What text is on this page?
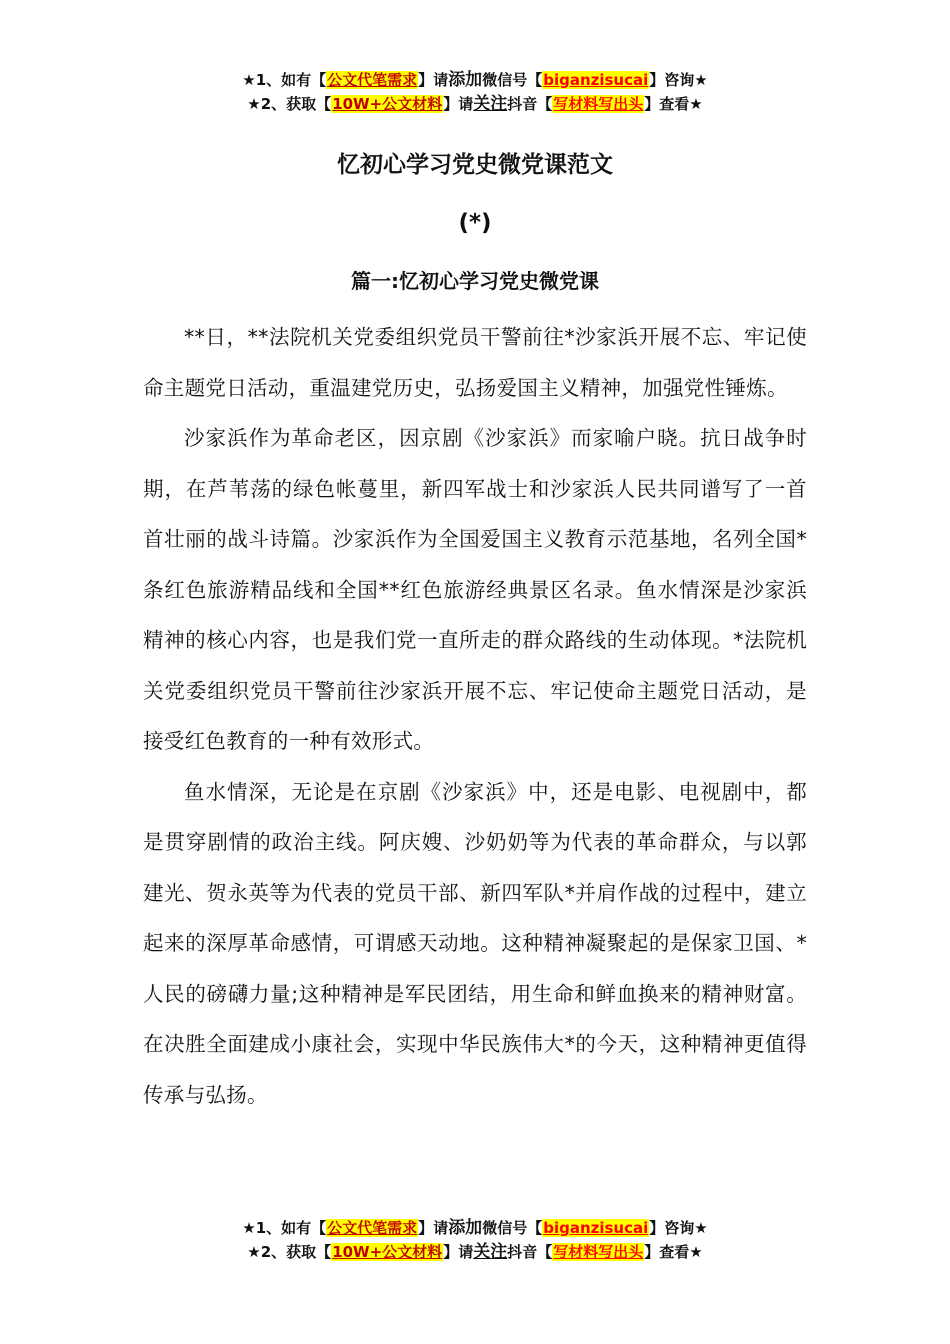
★1、如有【公文代笔需求】请添加微信号【biganzisucai】咨询★
★2、获取【10W+公文材料】请关注抖音【写材料写出头】查看★
忆初心学习党史微党课范文
(*)
篇一:忆初心学习党史微党课

**日，**法院机关党委组织党员干警前往*沙家浜开展不忘、牢记使命主题党日活动，重温建党历史，弘扬爱国主义精神，加强党性锤炼。

沙家浜作为革命老区，因京剧《沙家浜》而家喻户晓。抗日战争时期，在芦苇荡的绿色帐蔓里，新四军战士和沙家浜人民共同谱写了一首首壮丽的战斗诗篇。沙家浜作为全国爱国主义教育示范基地，名列全国*条红色旅游精品线和全国**红色旅游经典景区名录。鱼水情深是沙家浜精神的核心内容，也是我们党一直所走的群众路线的生动体现。*法院机关党委组织党员干警前往沙家浜开展不忘、牢记使命主题党日活动，是接受红色教育的一种有效形式。

鱼水情深，无论是在京剧《沙家浜》中，还是电影、电视剧中，都是贯穿剧情的政治主线。阿庆嫂、沙奶奶等为代表的革命群众，与以郭建光、贺永英等为代表的党员干部、新四军队*并肩作战的过程中，建立起来的深厚革命感情，可谓感天动地。这种精神凝聚起的是保家卫国、*人民的磅礴力量;这种精神是军民团结，用生命和鲜血换来的精神财富。在决胜全面建成小康社会，实现中华民族伟大*的今天，这种精神更值得传承与弘扬。

★1、如有【公文代笔需求】请添加微信号【biganzisucai】咨询★
★2、获取【10W+公文材料】请关注抖音【写材料写出头】查看★
